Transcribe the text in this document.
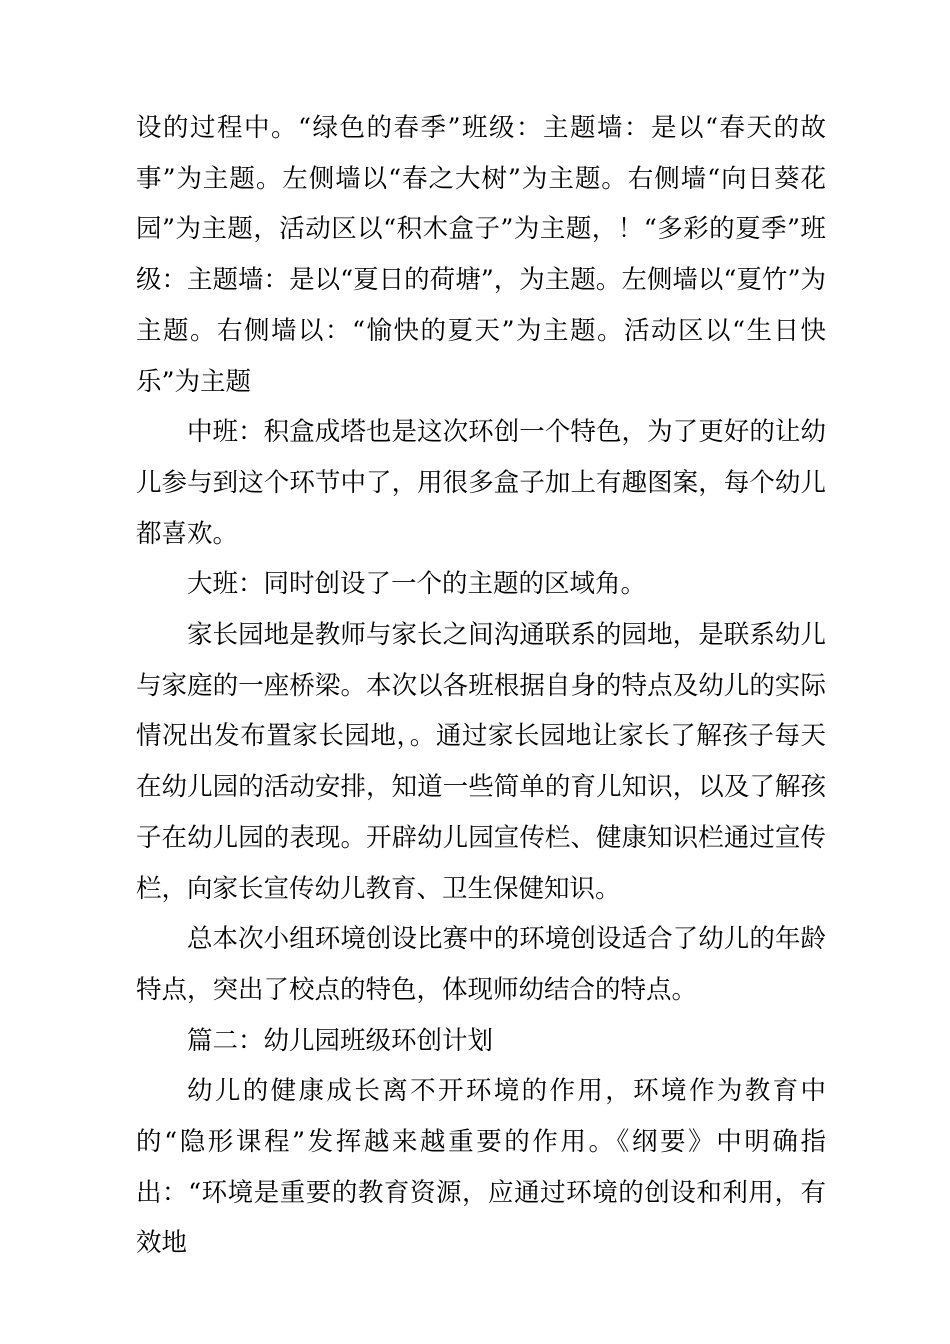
设的过程中。“绿色的春季”班级：主题墙：是以“春天的故事”为主题。左侧墙以“春之大树”为主题。右侧墙“向日葵花园”为主题，活动区以“积木盒子”为主题，！“多彩的夏季”班级：主题墙：是以“夏日的荷塘”，为主题。左侧墙以“夏竹”为主题。右侧墙以：“愉快的夏天”为主题。活动区以“生日快乐”为主题

中班：积盒成塔也是这次环创一个特色，为了更好的让幼儿参与到这个环节中了，用很多盒子加上有趣图案，每个幼儿都喜欢。

大班：同时创设了一个的主题的区域角。

家长园地是教师与家长之间沟通联系的园地，是联系幼儿与家庭的一座桥梁。本次以各班根据自身的特点及幼儿的实际情况出发布置家长园地，。通过家长园地让家长了解孩子每天在幼儿园的活动安排，知道一些简单的育儿知识，以及了解孩子在幼儿园的表现。开辟幼儿园宣传栏、健康知识栏通过宣传栏，向家长宣传幼儿教育、卫生保健知识。

总本次小组环境创设比赛中的环境创设适合了幼儿的年龄特点，突出了校点的特色，体现师幼结合的特点。

篇二：幼儿园班级环创计划

幼儿的健康成长离不开环境的作用，环境作为教育中的“隐形课程”发挥越来越重要的作用。《纲要》中明确指出：“环境是重要的教育资源，应通过环境的创设和利用，有效地
